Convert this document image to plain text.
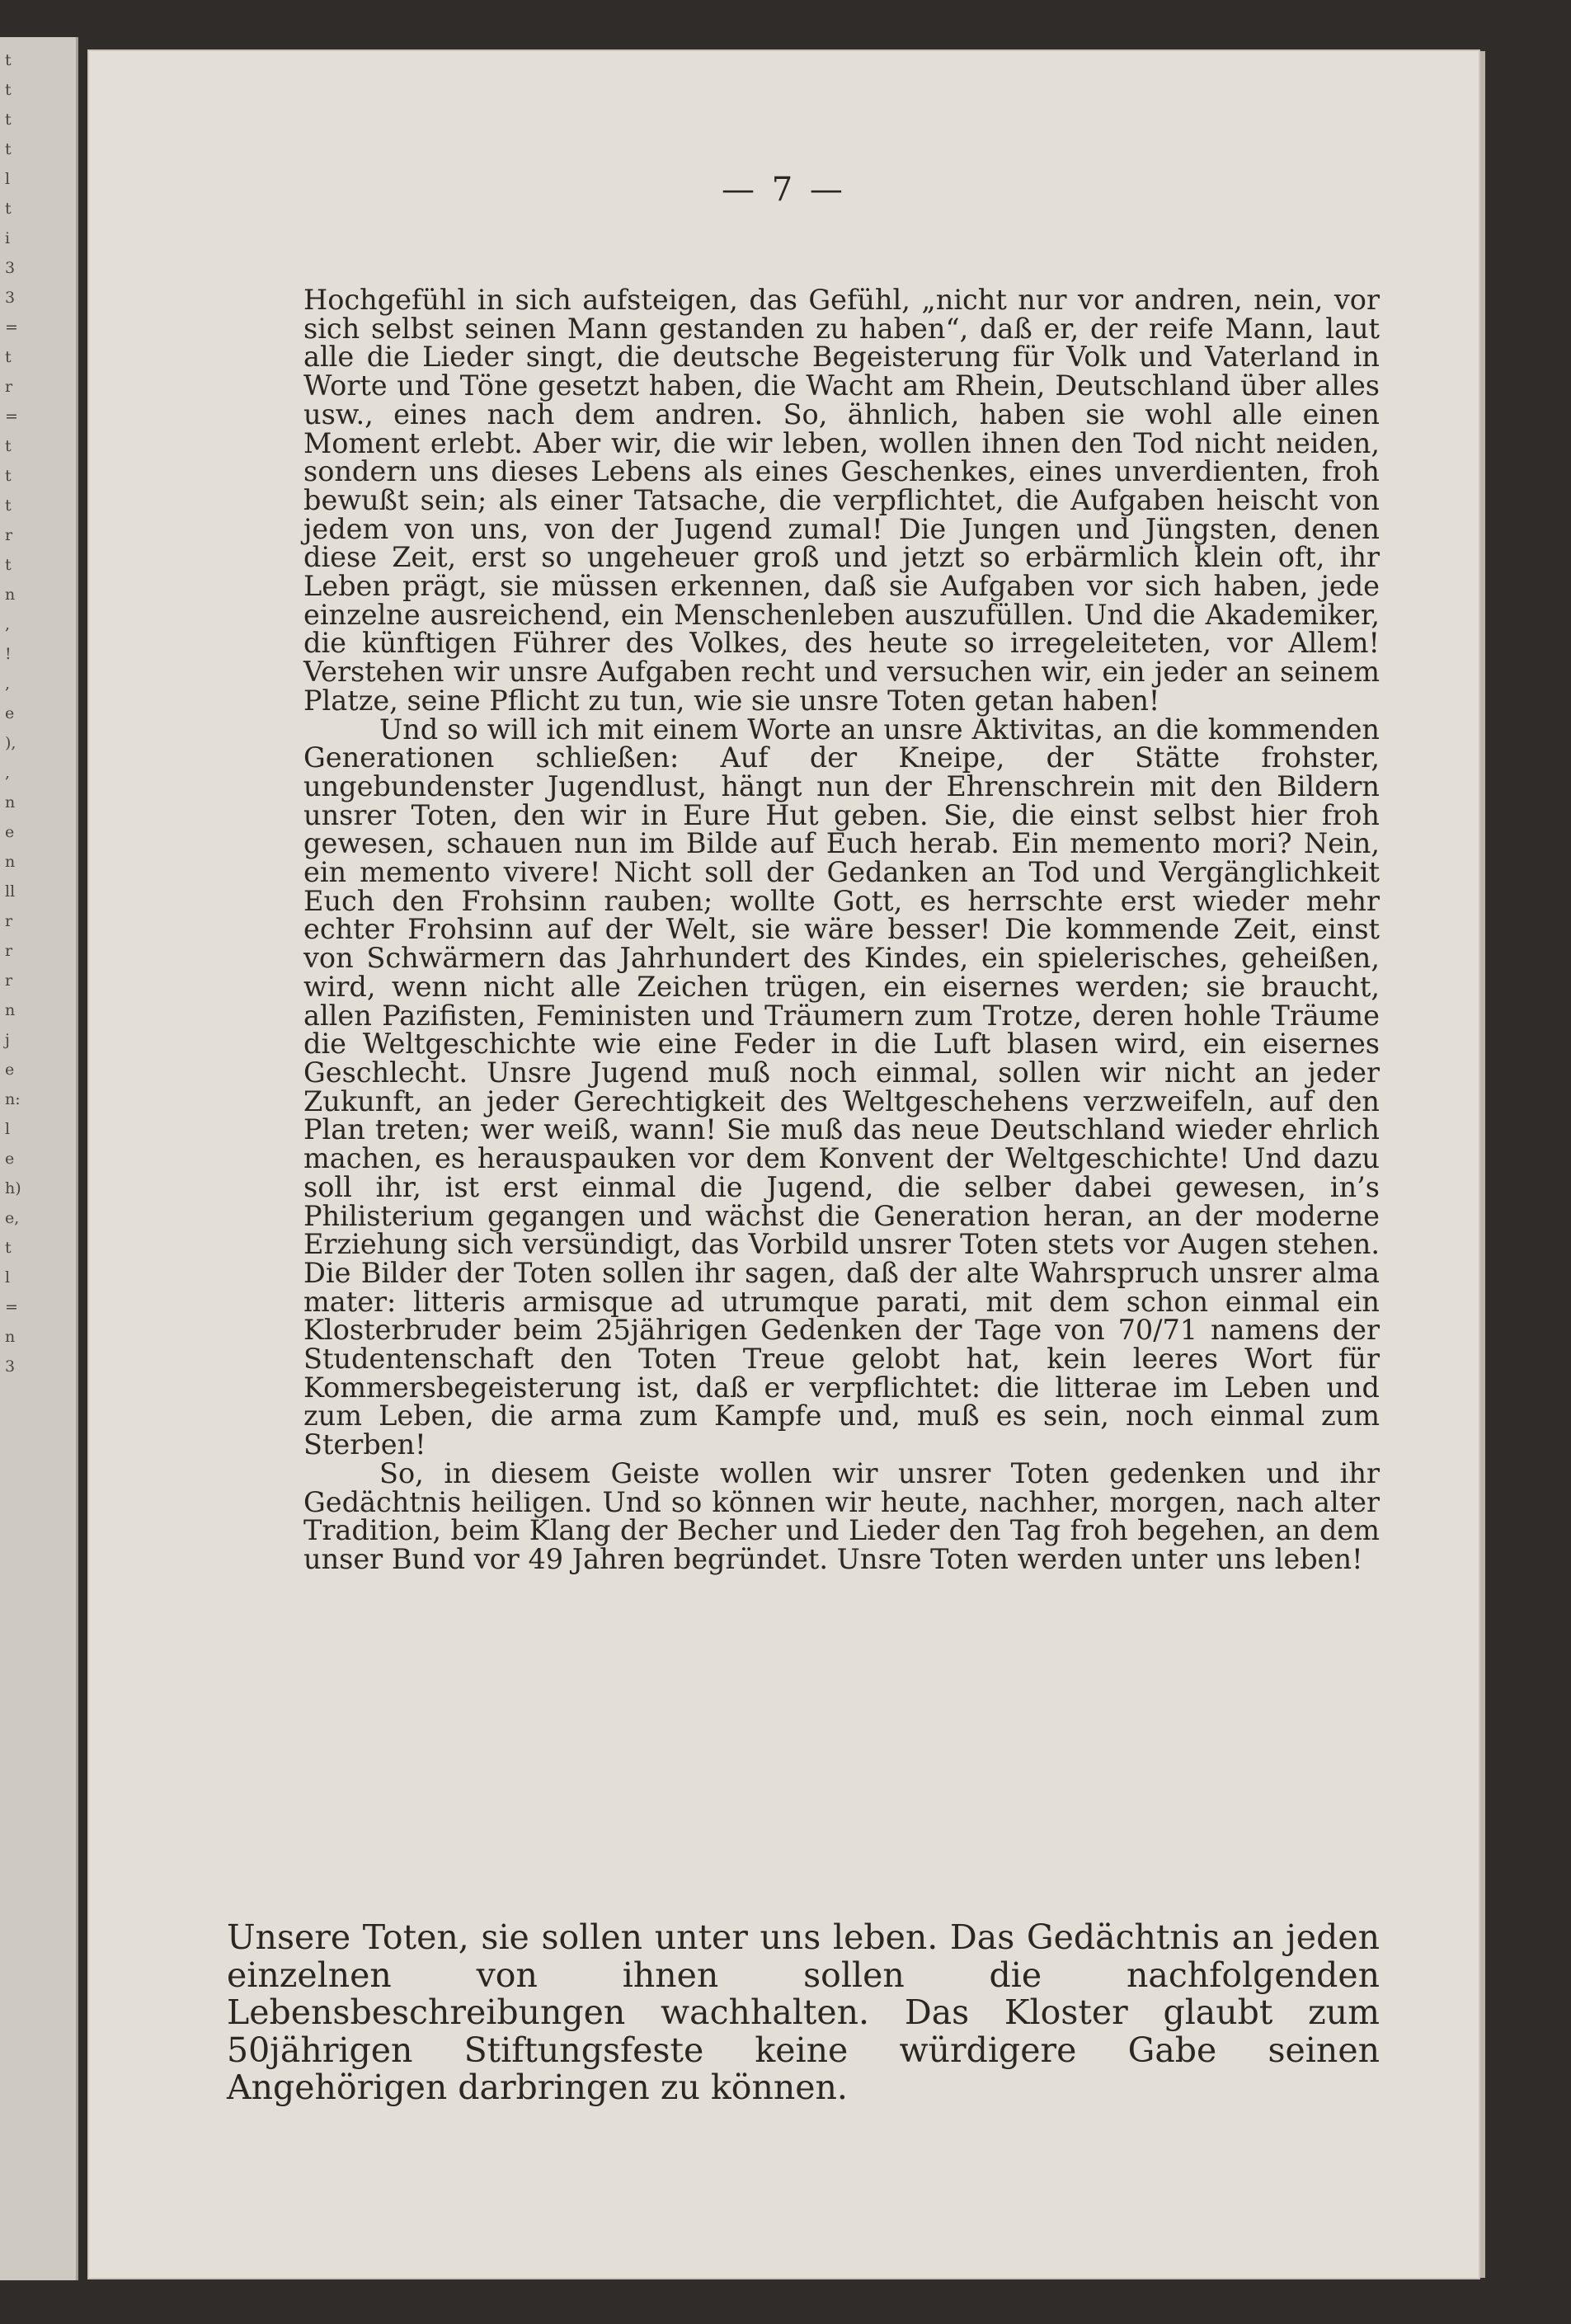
t
t
t
t
l
t
i
3
3
=
t
r
=
t
t
t
r
t
n
,
!
,
e
),
,
n
e
n
ll
rr
r
n
je
n:
le
h)
e,
t
l=
n
3
— 7 —

Hochgefühl in sich aufsteigen, das Gefühl, „nicht nur vor andren, nein, vor sich selbst seinen Mann gestanden zu haben“, daß er, der reife Mann, laut alle die Lieder singt, die deutsche Begeisterung für Volk und Vaterland in Worte und Töne gesetzt haben, die Wacht am Rhein, Deutschland über alles usw., eines nach dem andren. So, ähnlich, haben sie wohl alle einen Moment erlebt. Aber wir, die wir leben, wollen ihnen den Tod nicht neiden, sondern uns dieses Lebens als eines Geschenkes, eines unverdienten, froh bewußt sein; als einer Tatsache, die verpflichtet, die Aufgaben heischt von jedem von uns, von der Jugend zumal! Die Jungen und Jüngsten, denen diese Zeit, erst so ungeheuer groß und jetzt so erbärmlich klein oft, ihr Leben prägt, sie müssen erkennen, daß sie Aufgaben vor sich haben, jede einzelne ausreichend, ein Menschenleben auszufüllen. Und die Akademiker, die künftigen Führer des Volkes, des heute so irregeleiteten, vor Allem! Verstehen wir unsre Aufgaben recht und versuchen wir, ein jeder an seinem Platze, seine Pflicht zu tun, wie sie unsre Toten getan haben!

Und so will ich mit einem Worte an unsre Aktivitas, an die kommenden Generationen schließen: Auf der Kneipe, der Stätte frohster, ungebundenster Jugendlust, hängt nun der Ehrenschrein mit den Bildern unsrer Toten, den wir in Eure Hut geben. Sie, die einst selbst hier froh gewesen, schauen nun im Bilde auf Euch herab. Ein memento mori? Nein, ein memento vivere! Nicht soll der Gedanken an Tod und Vergänglichkeit Euch den Frohsinn rauben; wollte Gott, es herrschte erst wieder mehr echter Frohsinn auf der Welt, sie wäre besser! Die kommende Zeit, einst von Schwärmern das Jahrhundert des Kindes, ein spielerisches, geheißen, wird, wenn nicht alle Zeichen trügen, ein eisernes werden; sie braucht, allen Pazifisten, Feministen und Träumern zum Trotze, deren hohle Träume die Weltgeschichte wie eine Feder in die Luft blasen wird, ein eisernes Geschlecht. Unsre Jugend muß noch einmal, sollen wir nicht an jeder Zukunft, an jeder Gerechtigkeit des Weltgeschehens verzweifeln, auf den Plan treten; wer weiß, wann! Sie muß das neue Deutschland wieder ehrlich machen, es herauspauken vor dem Konvent der Weltgeschichte! Und dazu soll ihr, ist erst einmal die Jugend, die selber dabei gewesen, in’s Philisterium gegangen und wächst die Generation heran, an der moderne Erziehung sich versündigt, das Vorbild unsrer Toten stets vor Augen stehen. Die Bilder der Toten sollen ihr sagen, daß der alte Wahrspruch unsrer alma mater: litteris armisque ad utrumque parati, mit dem schon einmal ein Klosterbruder beim 25jährigen Gedenken der Tage von 70/71 namens der Studentenschaft den Toten Treue gelobt hat, kein leeres Wort für Kommersbegeisterung ist, daß er verpflichtet: die litterae im Leben und zum Leben, die arma zum Kampfe und, muß es sein, noch einmal zum Sterben!

So, in diesem Geiste wollen wir unsrer Toten gedenken und ihr Gedächtnis heiligen. Und so können wir heute, nachher, morgen, nach alter Tradition, beim Klang der Becher und Lieder den Tag froh begehen, an dem unser Bund vor 49 Jahren begründet. Unsre Toten werden unter uns leben!

Unsere Toten, sie sollen unter uns leben. Das Gedächtnis an jeden einzelnen von ihnen sollen die nachfolgenden Lebensbeschreibungen wachhalten. Das Kloster glaubt zum 50jährigen Stiftungsfeste keine würdigere Gabe seinen Angehörigen darbringen zu können.
